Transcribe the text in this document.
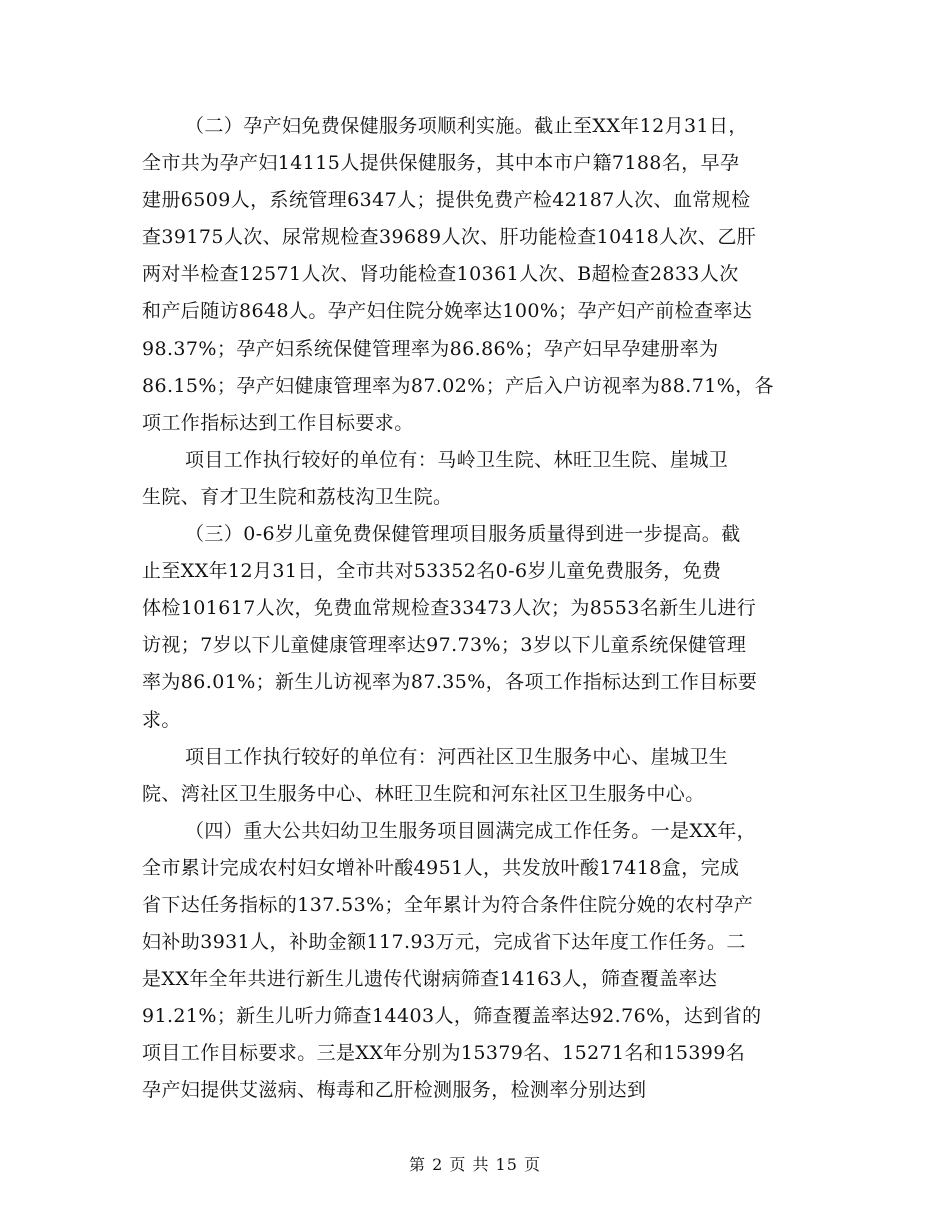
（二）孕产妇免费保健服务项顺利实施。截止至XX年12月31日，
全市共为孕产妇14115人提供保健服务，其中本市户籍7188名，早孕
建册6509人，系统管理6347人；提供免费产检42187人次、血常规检
查39175人次、尿常规检查39689人次、肝功能检查10418人次、乙肝
两对半检查12571人次、肾功能检查10361人次、B超检查2833人次
和产后随访8648人。孕产妇住院分娩率达100%；孕产妇产前检查率达
98.37%；孕产妇系统保健管理率为86.86%；孕产妇早孕建册率为
86.15%；孕产妇健康管理率为87.02%；产后入户访视率为88.71%，各
项工作指标达到工作目标要求。
项目工作执行较好的单位有：马岭卫生院、林旺卫生院、崖城卫
生院、育才卫生院和荔枝沟卫生院。
（三）0-6岁儿童免费保健管理项目服务质量得到进一步提高。截
止至XX年12月31日，全市共对53352名0-6岁儿童免费服务，免费
体检101617人次，免费血常规检查33473人次；为8553名新生儿进行
访视；7岁以下儿童健康管理率达97.73%；3岁以下儿童系统保健管理
率为86.01%；新生儿访视率为87.35%，各项工作指标达到工作目标要
求。
项目工作执行较好的单位有：河西社区卫生服务中心、崖城卫生
院、湾社区卫生服务中心、林旺卫生院和河东社区卫生服务中心。
（四）重大公共妇幼卫生服务项目圆满完成工作任务。一是XX年，
全市累计完成农村妇女增补叶酸4951人，共发放叶酸17418盒，完成
省下达任务指标的137.53%；全年累计为符合条件住院分娩的农村孕产
妇补助3931人，补助金额117.93万元，完成省下达年度工作任务。二
是XX年全年共进行新生儿遗传代谢病筛查14163人，筛查覆盖率达
91.21%；新生儿听力筛查14403人，筛查覆盖率达92.76%，达到省的
项目工作目标要求。三是XX年分别为15379名、15271名和15399名
孕产妇提供艾滋病、梅毒和乙肝检测服务，检测率分别达到
第 2 页 共 15 页
